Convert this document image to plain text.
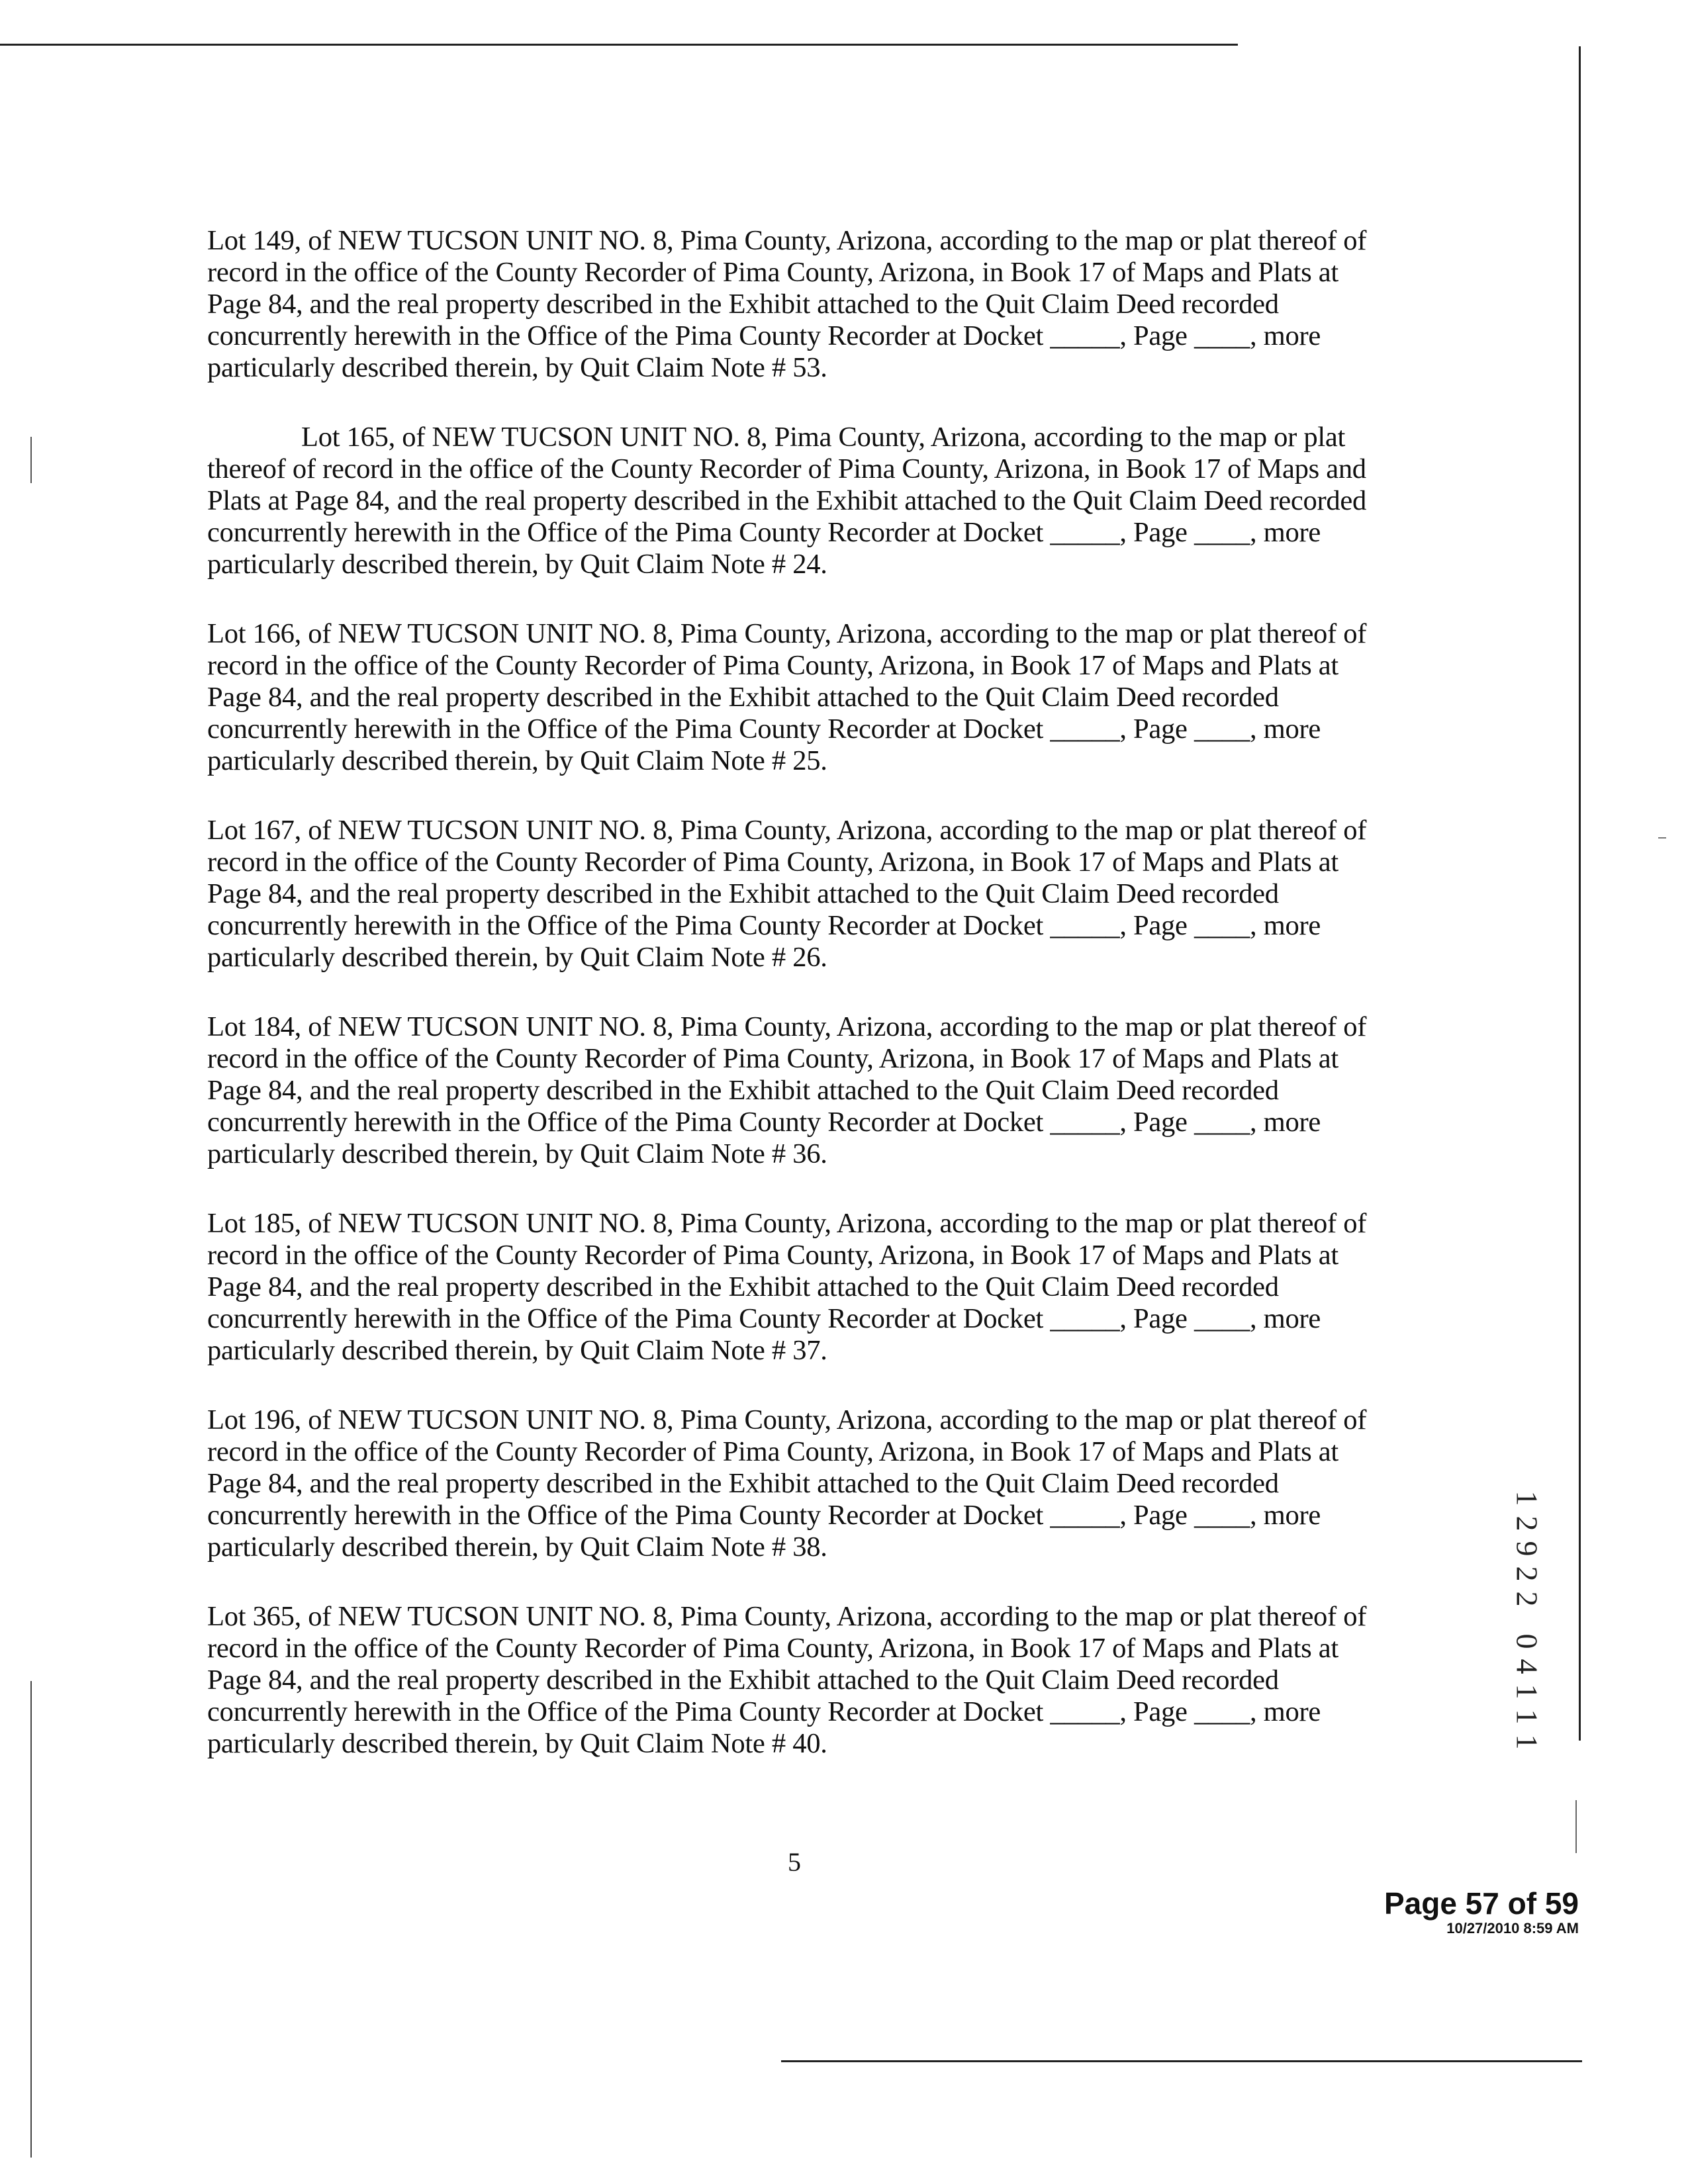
Lot 149, of NEW TUCSON UNIT NO. 8, Pima County, Arizona, according to the map or plat thereof of
record in the office of the County Recorder of Pima County, Arizona, in Book 17 of Maps and Plats at
Page 84, and the real property described in the Exhibit attached to the Quit Claim Deed recorded
concurrently herewith in the Office of the Pima County Recorder at Docket _____, Page ____, more
particularly described therein, by Quit Claim Note # 53.

Lot 165, of NEW TUCSON UNIT NO. 8, Pima County, Arizona, according to the map or plat
thereof of record in the office of the County Recorder of Pima County, Arizona, in Book 17 of Maps and
Plats at Page 84, and the real property described in the Exhibit attached to the Quit Claim Deed recorded
concurrently herewith in the Office of the Pima County Recorder at Docket _____, Page ____, more
particularly described therein, by Quit Claim Note # 24.

Lot 166, of NEW TUCSON UNIT NO. 8, Pima County, Arizona, according to the map or plat thereof of
record in the office of the County Recorder of Pima County, Arizona, in Book 17 of Maps and Plats at
Page 84, and the real property described in the Exhibit attached to the Quit Claim Deed recorded
concurrently herewith in the Office of the Pima County Recorder at Docket _____, Page ____, more
particularly described therein, by Quit Claim Note # 25.

Lot 167, of NEW TUCSON UNIT NO. 8, Pima County, Arizona, according to the map or plat thereof of
record in the office of the County Recorder of Pima County, Arizona, in Book 17 of Maps and Plats at
Page 84, and the real property described in the Exhibit attached to the Quit Claim Deed recorded
concurrently herewith in the Office of the Pima County Recorder at Docket _____, Page ____, more
particularly described therein, by Quit Claim Note # 26.

Lot 184, of NEW TUCSON UNIT NO. 8, Pima County, Arizona, according to the map or plat thereof of
record in the office of the County Recorder of Pima County, Arizona, in Book 17 of Maps and Plats at
Page 84, and the real property described in the Exhibit attached to the Quit Claim Deed recorded
concurrently herewith in the Office of the Pima County Recorder at Docket _____, Page ____, more
particularly described therein, by Quit Claim Note # 36.

Lot 185, of NEW TUCSON UNIT NO. 8, Pima County, Arizona, according to the map or plat thereof of
record in the office of the County Recorder of Pima County, Arizona, in Book 17 of Maps and Plats at
Page 84, and the real property described in the Exhibit attached to the Quit Claim Deed recorded
concurrently herewith in the Office of the Pima County Recorder at Docket _____, Page ____, more
particularly described therein, by Quit Claim Note # 37.

Lot 196, of NEW TUCSON UNIT NO. 8, Pima County, Arizona, according to the map or plat thereof of
record in the office of the County Recorder of Pima County, Arizona, in Book 17 of Maps and Plats at
Page 84, and the real property described in the Exhibit attached to the Quit Claim Deed recorded
concurrently herewith in the Office of the Pima County Recorder at Docket _____, Page ____, more
particularly described therein, by Quit Claim Note # 38.

Lot 365, of NEW TUCSON UNIT NO. 8, Pima County, Arizona, according to the map or plat thereof of
record in the office of the County Recorder of Pima County, Arizona, in Book 17 of Maps and Plats at
Page 84, and the real property described in the Exhibit attached to the Quit Claim Deed recorded
concurrently herewith in the Office of the Pima County Recorder at Docket _____, Page ____, more
particularly described therein, by Quit Claim Note # 40.

5
Page 57 of 59
10/27/2010 8:59 AM
1
2
9
2
2
0
4
1
1
1
